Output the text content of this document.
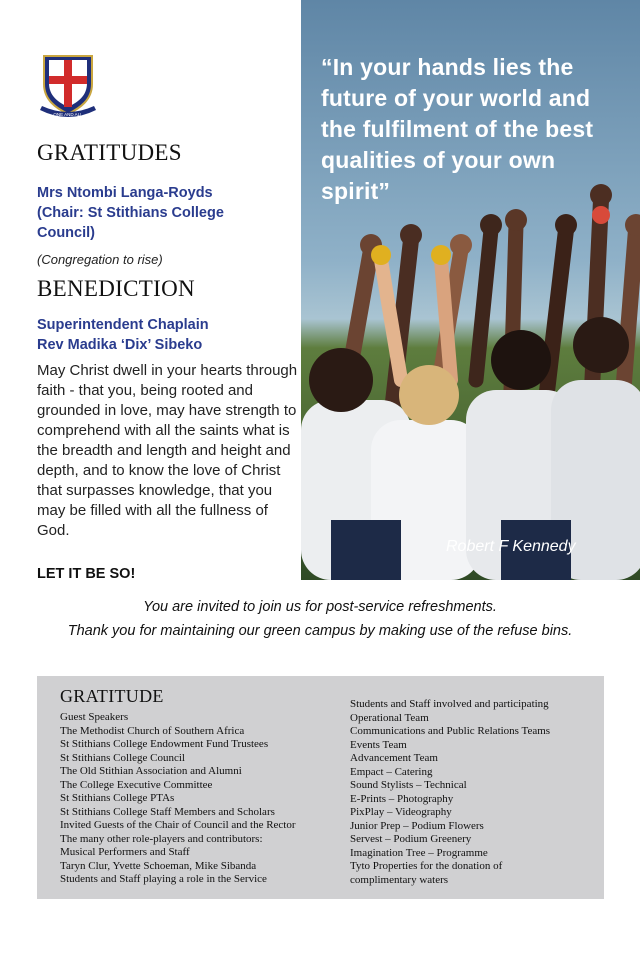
ONE AND ALL
GRATITUDES

Mrs Ntombi Langa-Royds

(Chair: St Stithians College

Council)

(Congregation to rise)
BENEDICTION

Superintendent Chaplain

Rev Madika ‘Dix’ Sibeko

May Christ dwell in your hearts through faith - that you, being rooted and grounded in love, may have strength to comprehend with all the saints what is the breadth and length and height and depth, and to know the love of Christ that surpasses knowledge, that you may be filled with all the fullness of God.

LET IT BE SO!
“In your hands lies the future of your world and the fulfilment of the best qualities of your own spirit”
Robert F Kennedy
You are invited to join us for post-service refreshments.
Thank you for maintaining our green campus by making use of the refuse bins.
GRATITUDE
Guest Speakers
The Methodist Church of Southern Africa
St Stithians College Endowment Fund Trustees
St Stithians College Council
The Old Stithian Association and Alumni
The College Executive Committee
St Stithians College PTAs
St Stithians College Staff Members and Scholars
Invited Guests of the Chair of Council and the Rector
The many other role-players and contributors:
Musical Performers and Staff
Taryn Clur, Yvette Schoeman, Mike Sibanda
Students and Staff playing a role in the Service
Students and Staff involved and participating
Operational Team
Communications and Public Relations Teams
Events Team
Advancement Team
Empact – Catering
Sound Stylists – Technical
E-Prints – Photography
PixPlay – Videography
Junior Prep – Podium Flowers
Servest – Podium Greenery
Imagination Tree – Programme
Tyto Properties for the donation of
complimentary waters
